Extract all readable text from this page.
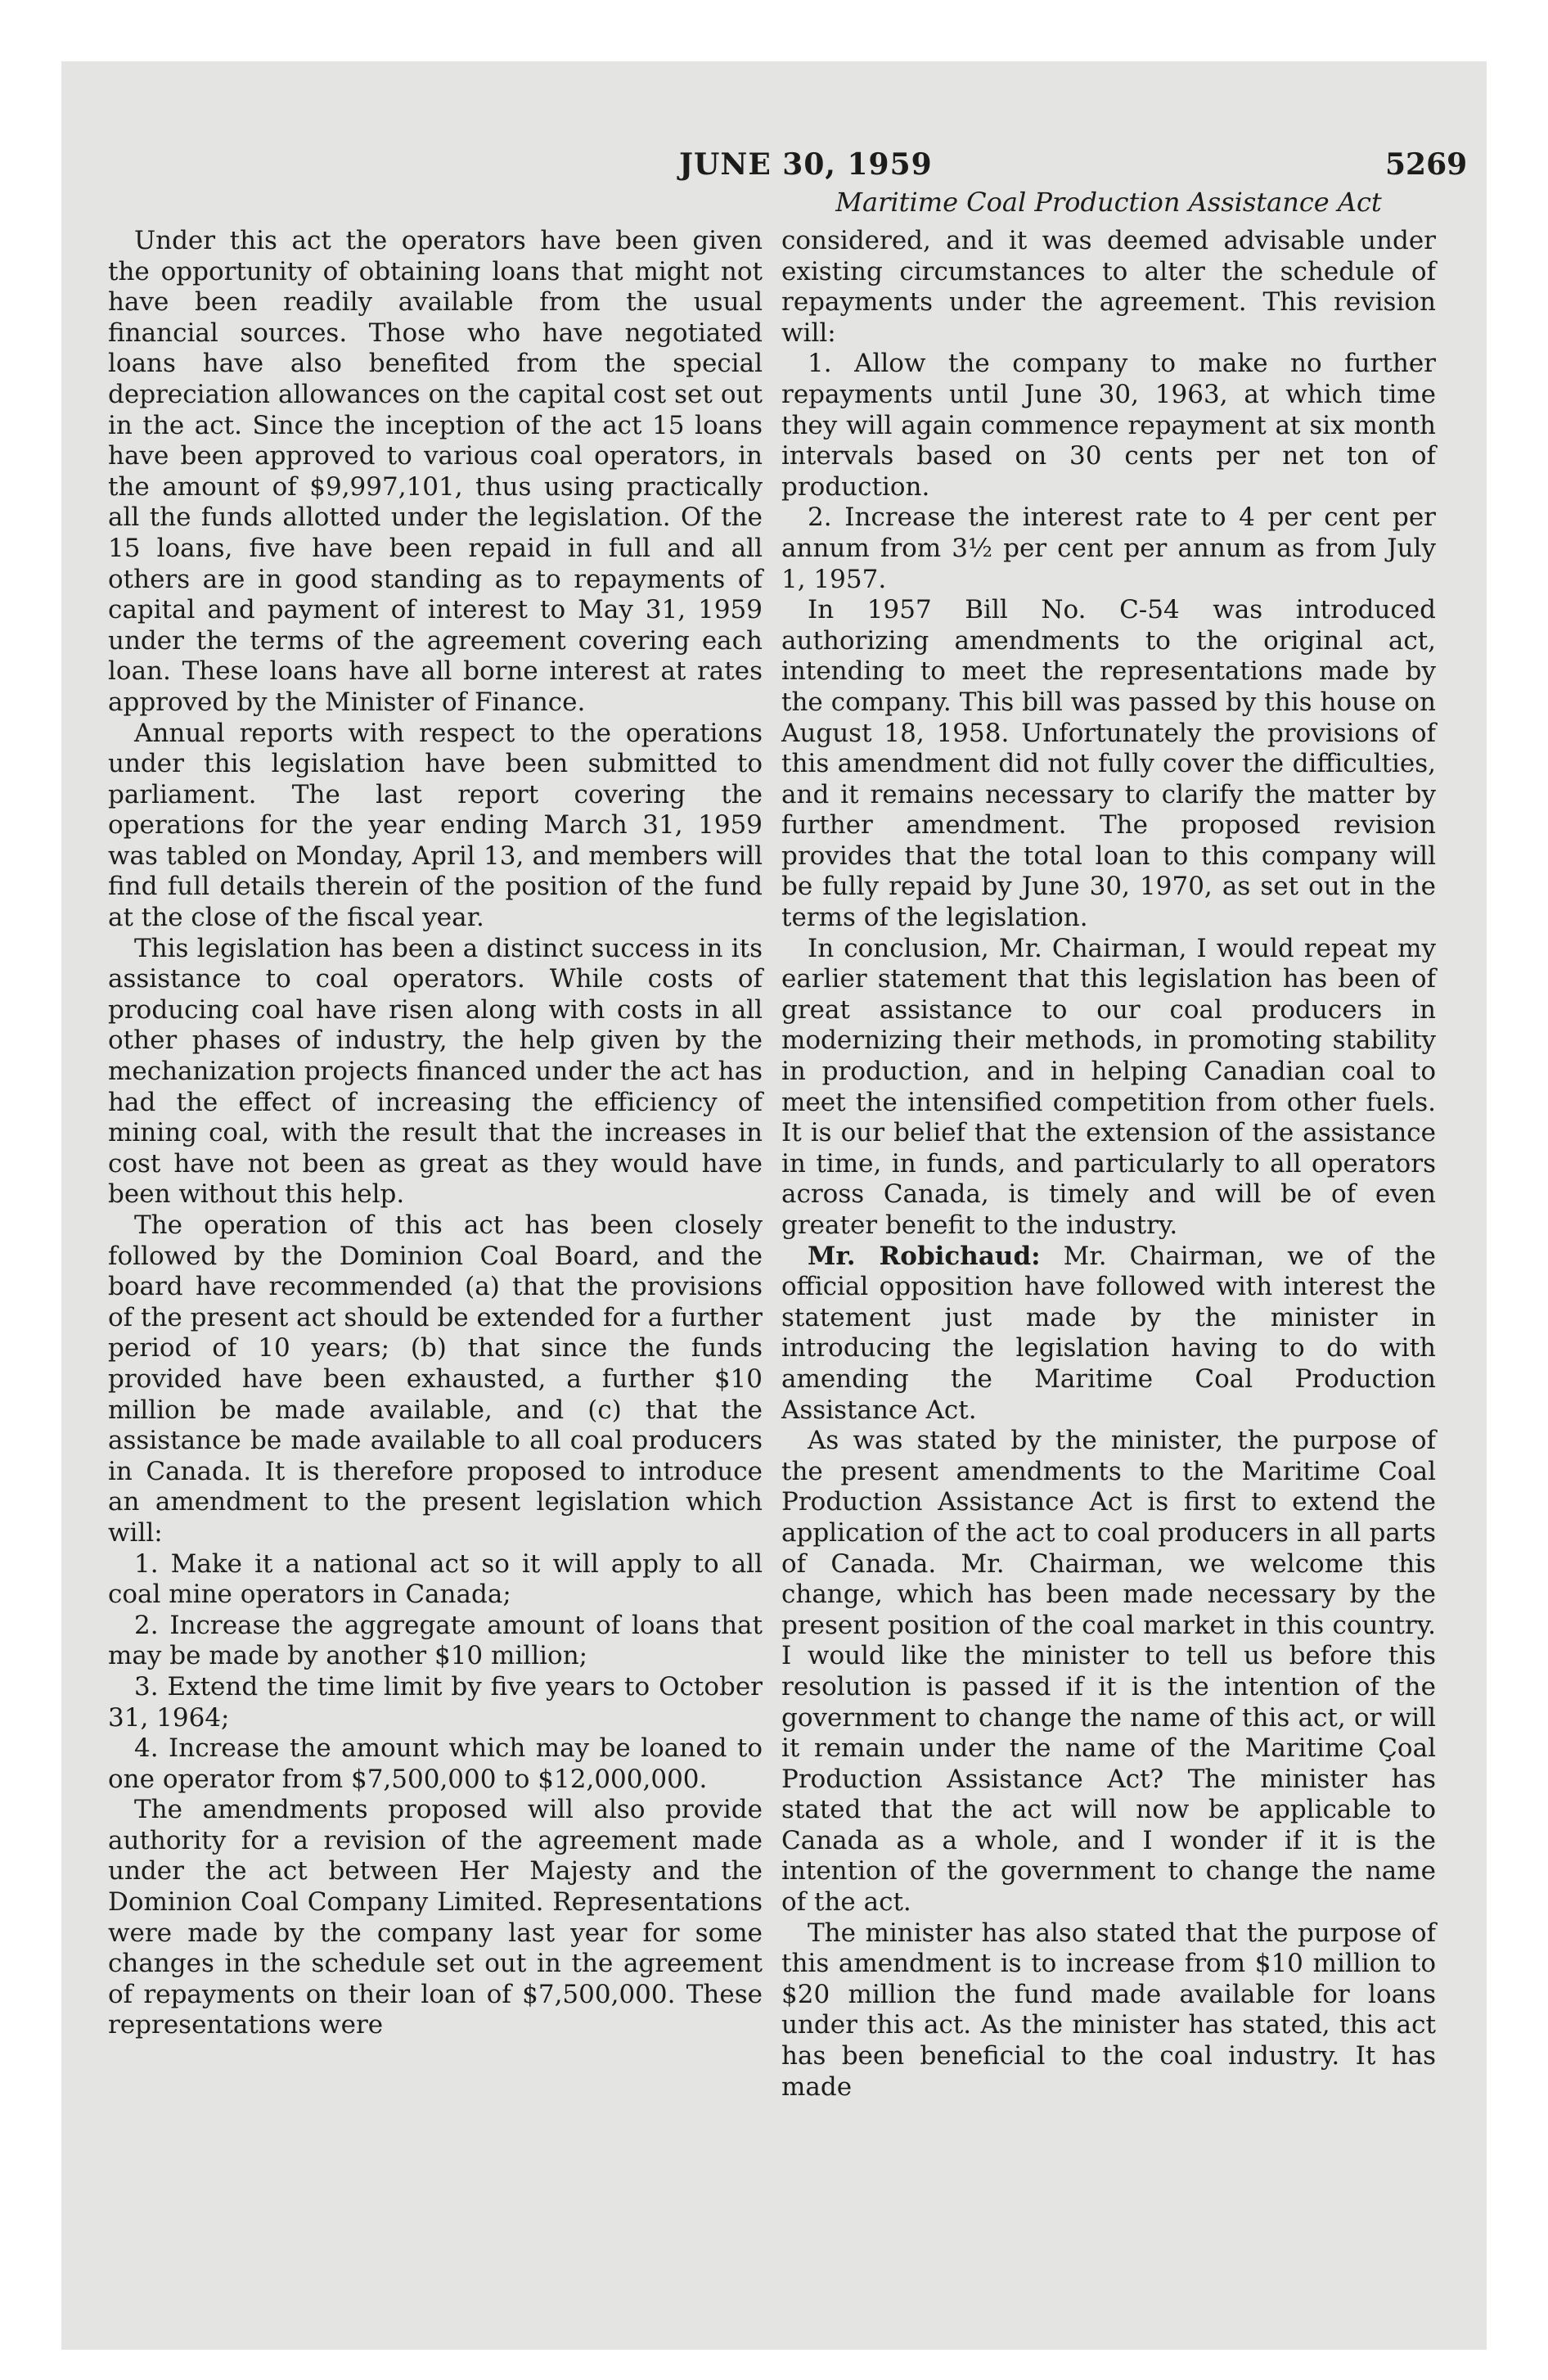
JUNE 30, 1959	5269
Maritime Coal Production Assistance Act

Under this act the operators have been given the opportunity of obtaining loans that might not have been readily available from the usual financial sources. Those who have negotiated loans have also benefited from the special depreciation allowances on the capital cost set out in the act. Since the inception of the act 15 loans have been approved to various coal operators, in the amount of $9,997,101, thus using practically all the funds allotted under the legislation. Of the 15 loans, five have been repaid in full and all others are in good standing as to repayments of capital and payment of interest to May 31, 1959 under the terms of the agreement covering each loan. These loans have all borne interest at rates approved by the Minister of Finance.

Annual reports with respect to the operations under this legislation have been submitted to parliament. The last report covering the operations for the year ending March 31, 1959 was tabled on Monday, April 13, and members will find full details therein of the position of the fund at the close of the fiscal year.

This legislation has been a distinct success in its assistance to coal operators. While costs of producing coal have risen along with costs in all other phases of industry, the help given by the mechanization projects financed under the act has had the effect of increasing the efficiency of mining coal, with the result that the increases in cost have not been as great as they would have been without this help.

The operation of this act has been closely followed by the Dominion Coal Board, and the board have recommended (a) that the provisions of the present act should be extended for a further period of 10 years; (b) that since the funds provided have been exhausted, a further $10 million be made available, and (c) that the assistance be made available to all coal producers in Canada. It is therefore proposed to introduce an amendment to the present legislation which will:

1. Make it a national act so it will apply to all coal mine operators in Canada;

2. Increase the aggregate amount of loans that may be made by another $10 million;

3. Extend the time limit by five years to October 31, 1964;

4. Increase the amount which may be loaned to one operator from $7,500,000 to $12,000,000.

The amendments proposed will also provide authority for a revision of the agreement made under the act between Her Majesty and the Dominion Coal Company Limited. Representations were made by the company last year for some changes in the schedule set out in the agreement of repayments on their loan of $7,500,000. These representations were

considered, and it was deemed advisable under existing circumstances to alter the schedule of repayments under the agreement. This revision will:

1. Allow the company to make no further repayments until June 30, 1963, at which time they will again commence repayment at six month intervals based on 30 cents per net ton of production.

2. Increase the interest rate to 4 per cent per annum from 3½ per cent per annum as from July 1, 1957.

In 1957 Bill No. C-54 was introduced authorizing amendments to the original act, intending to meet the representations made by the company. This bill was passed by this house on August 18, 1958. Unfortunately the provisions of this amendment did not fully cover the difficulties, and it remains necessary to clarify the matter by further amendment. The proposed revision provides that the total loan to this company will be fully repaid by June 30, 1970, as set out in the terms of the legislation.

In conclusion, Mr. Chairman, I would repeat my earlier statement that this legislation has been of great assistance to our coal producers in modernizing their methods, in promoting stability in production, and in helping Canadian coal to meet the intensified competition from other fuels. It is our belief that the extension of the assistance in time, in funds, and particularly to all operators across Canada, is timely and will be of even greater benefit to the industry.

Mr. Robichaud: Mr. Chairman, we of the official opposition have followed with interest the statement just made by the minister in introducing the legislation having to do with amending the Maritime Coal Production Assistance Act.

As was stated by the minister, the purpose of the present amendments to the Maritime Coal Production Assistance Act is first to extend the application of the act to coal producers in all parts of Canada. Mr. Chairman, we welcome this change, which has been made necessary by the present position of the coal market in this country. I would like the minister to tell us before this resolution is passed if it is the intention of the government to change the name of this act, or will it remain under the name of the Maritime Çoal Production Assistance Act? The minister has stated that the act will now be applicable to Canada as a whole, and I wonder if it is the intention of the government to change the name of the act.

The minister has also stated that the purpose of this amendment is to increase from $10 million to $20 million the fund made available for loans under this act. As the minister has stated, this act has been beneficial to the coal industry. It has made
